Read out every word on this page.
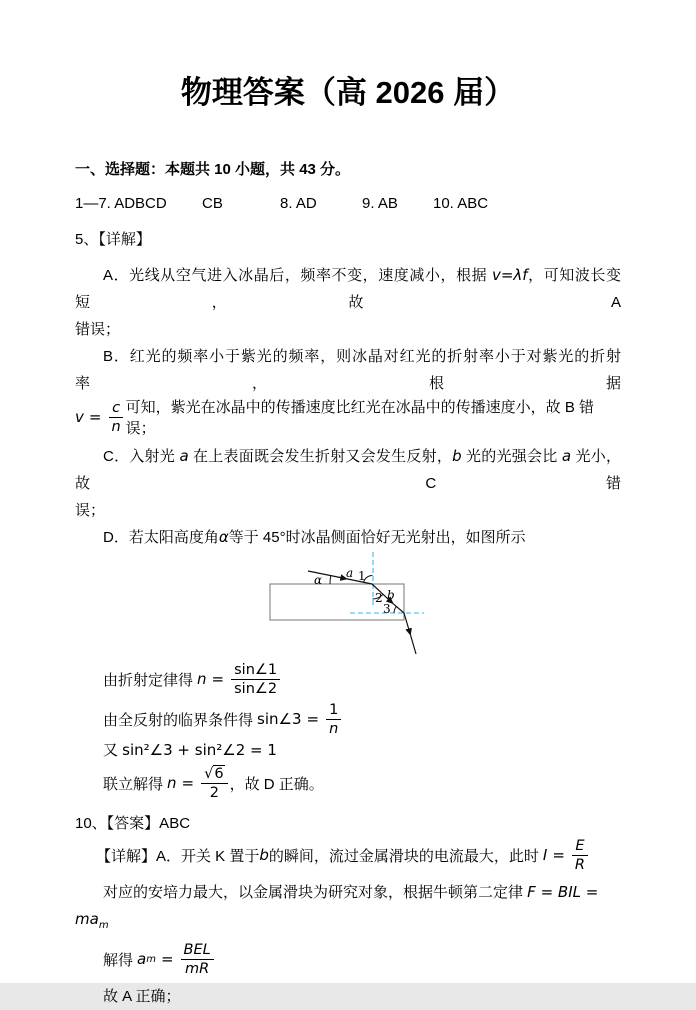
物理答案（高 2026 届）
一、选择题：本题共 10 小题，共 43 分。
1—7. ADBCD CB	8. AD	9. AB 10. ABC
5、【详解】

A．光线从空气进入冰晶后，频率不变，速度减小，根据 v=λf，可知波长变短，故 A

错误；

B．红光的频率小于紫光的频率，则冰晶对红光的折射率小于对紫光的折射率，根据

$v = \frac{c}{n}$ 可知，紫光在冰晶中的传播速度比红光在冰晶中的传播速度小，故 B 错误；

C．入射光 a 在上表面既会发生折射又会发生反射，b 光的光强会比 a 光小，故 C 错

误；

D．若太阳高度角α等于 45°时冰晶侧面恰好无光射出，如图所示

α a 1
2 b
3

由折射定律得 $n = \frac{\sin\angle 1}{\sin\angle 2}$

由全反射的临界条件得 sin∠3 = $\frac{1}{n}$

又 sin²∠3 + sin²∠2 = 1

联立解得 $n = \frac{√6}{2}$ ，故 D 正确。

10、【答案】ABC

【详解】A．开关 K 置于 b 的瞬间，流过金属滑块的电流最大，此时 $I = \frac{E}{R}$

对应的安培力最大，以金属滑块为研究对象，根据牛顿第二定律 F = BIL = $ma_m$

解得 a $m = \frac{\text{BEL}}{mR}$

故 A 正确；
